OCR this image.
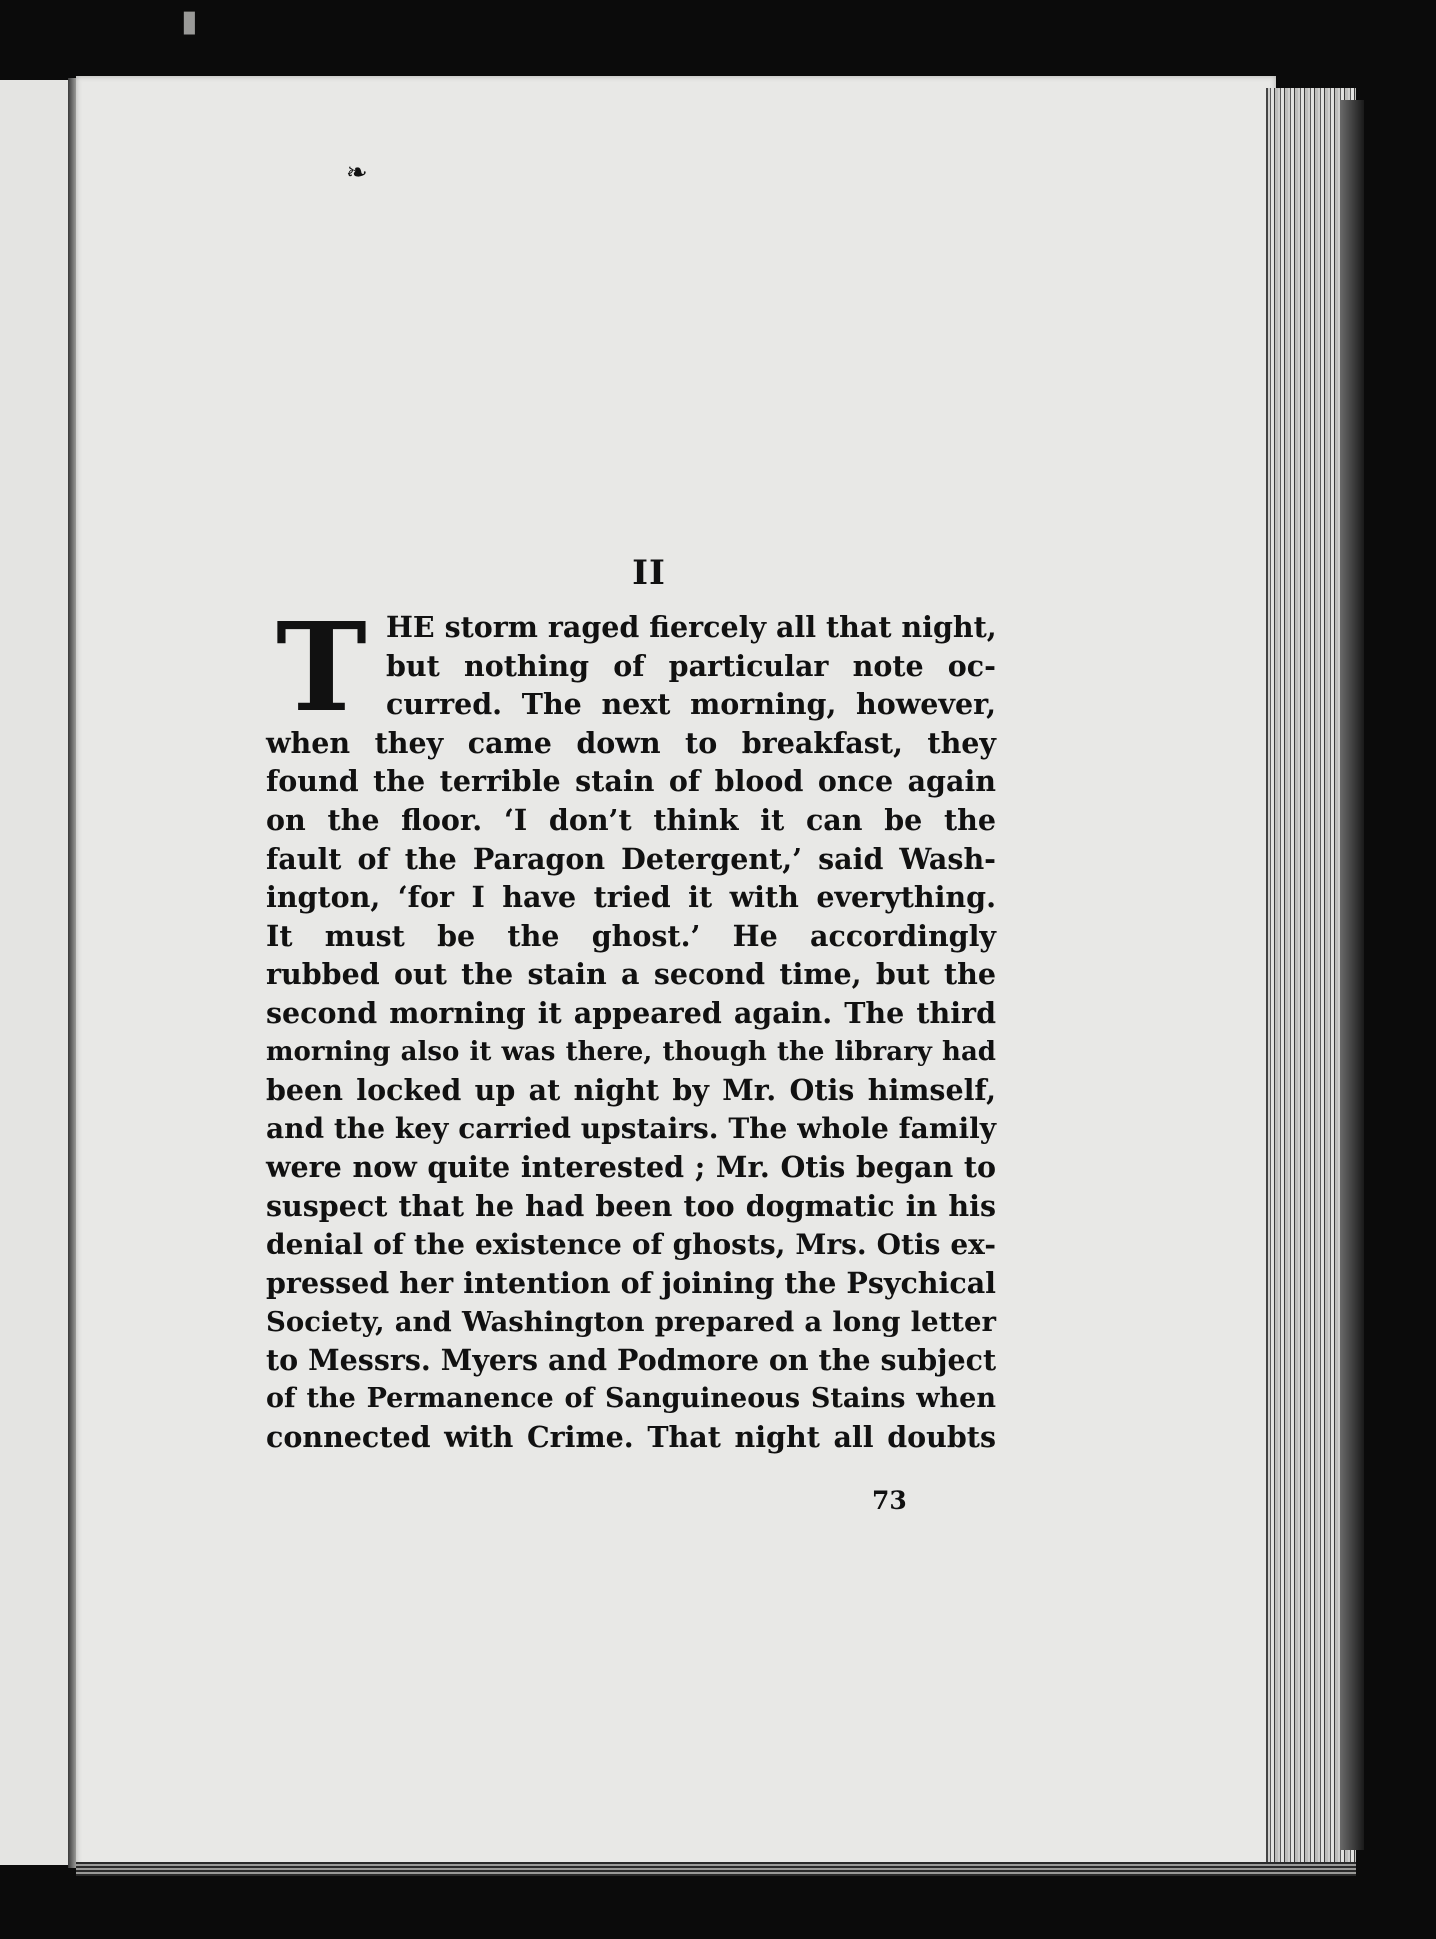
▮
❧
II
T HE storm raged fiercely all that night,
but nothing of particular note oc-
curred. The next morning, however,
when they came down to breakfast, they
found the terrible stain of blood once again
on the floor. ‘I don’t think it can be the
fault of the Paragon Detergent,’ said Wash-
ington, ‘for I have tried it with everything.
It must be the ghost.’ He accordingly
rubbed out the stain a second time, but the
second morning it appeared again. The third
morning also it was there, though the library had
been locked up at night by Mr. Otis himself,
and the key carried upstairs. The whole family
were now quite interested ; Mr. Otis began to
suspect that he had been too dogmatic in his
denial of the existence of ghosts, Mrs. Otis ex-
pressed her intention of joining the Psychical
Society, and Washington prepared a long letter
to Messrs. Myers and Podmore on the subject
of the Permanence of Sanguineous Stains when
connected with Crime. That night all doubts
73
